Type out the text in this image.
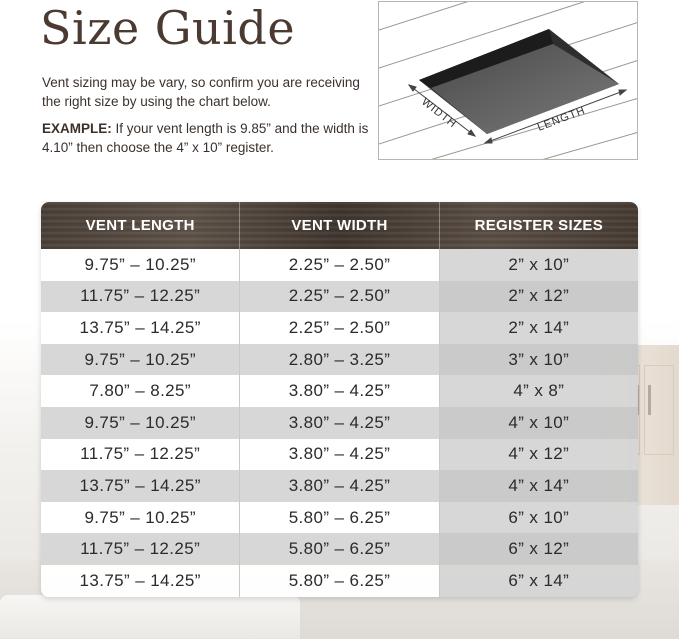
Size Guide

Vent sizing may be vary, so confirm you are receiving the right size by using the chart below.

EXAMPLE: If your vent length is 9.85” and the width is 4.10” then choose the 4” x 10” register.

WIDTH	LENGTH
VENT LENGTH	VENT WIDTH	REGISTER SIZES
9.75” – 10.25”	2.25” – 2.50”	2” x 10”
11.75” – 12.25”	2.25” – 2.50”	2” x 12”
13.75” – 14.25”	2.25” – 2.50”	2” x 14”
9.75” – 10.25”	2.80” – 3.25”	3” x 10”
7.80” – 8.25”	3.80” – 4.25”	4” x 8”
9.75” – 10.25”	3.80” – 4.25”	4” x 10”
11.75” – 12.25”	3.80” – 4.25”	4” x 12”
13.75” – 14.25”	3.80” – 4.25”	4” x 14”
9.75” – 10.25”	5.80” – 6.25”	6” x 10”
11.75” – 12.25”	5.80” – 6.25”	6” x 12”
13.75” – 14.25”	5.80” – 6.25”	6” x 14”
